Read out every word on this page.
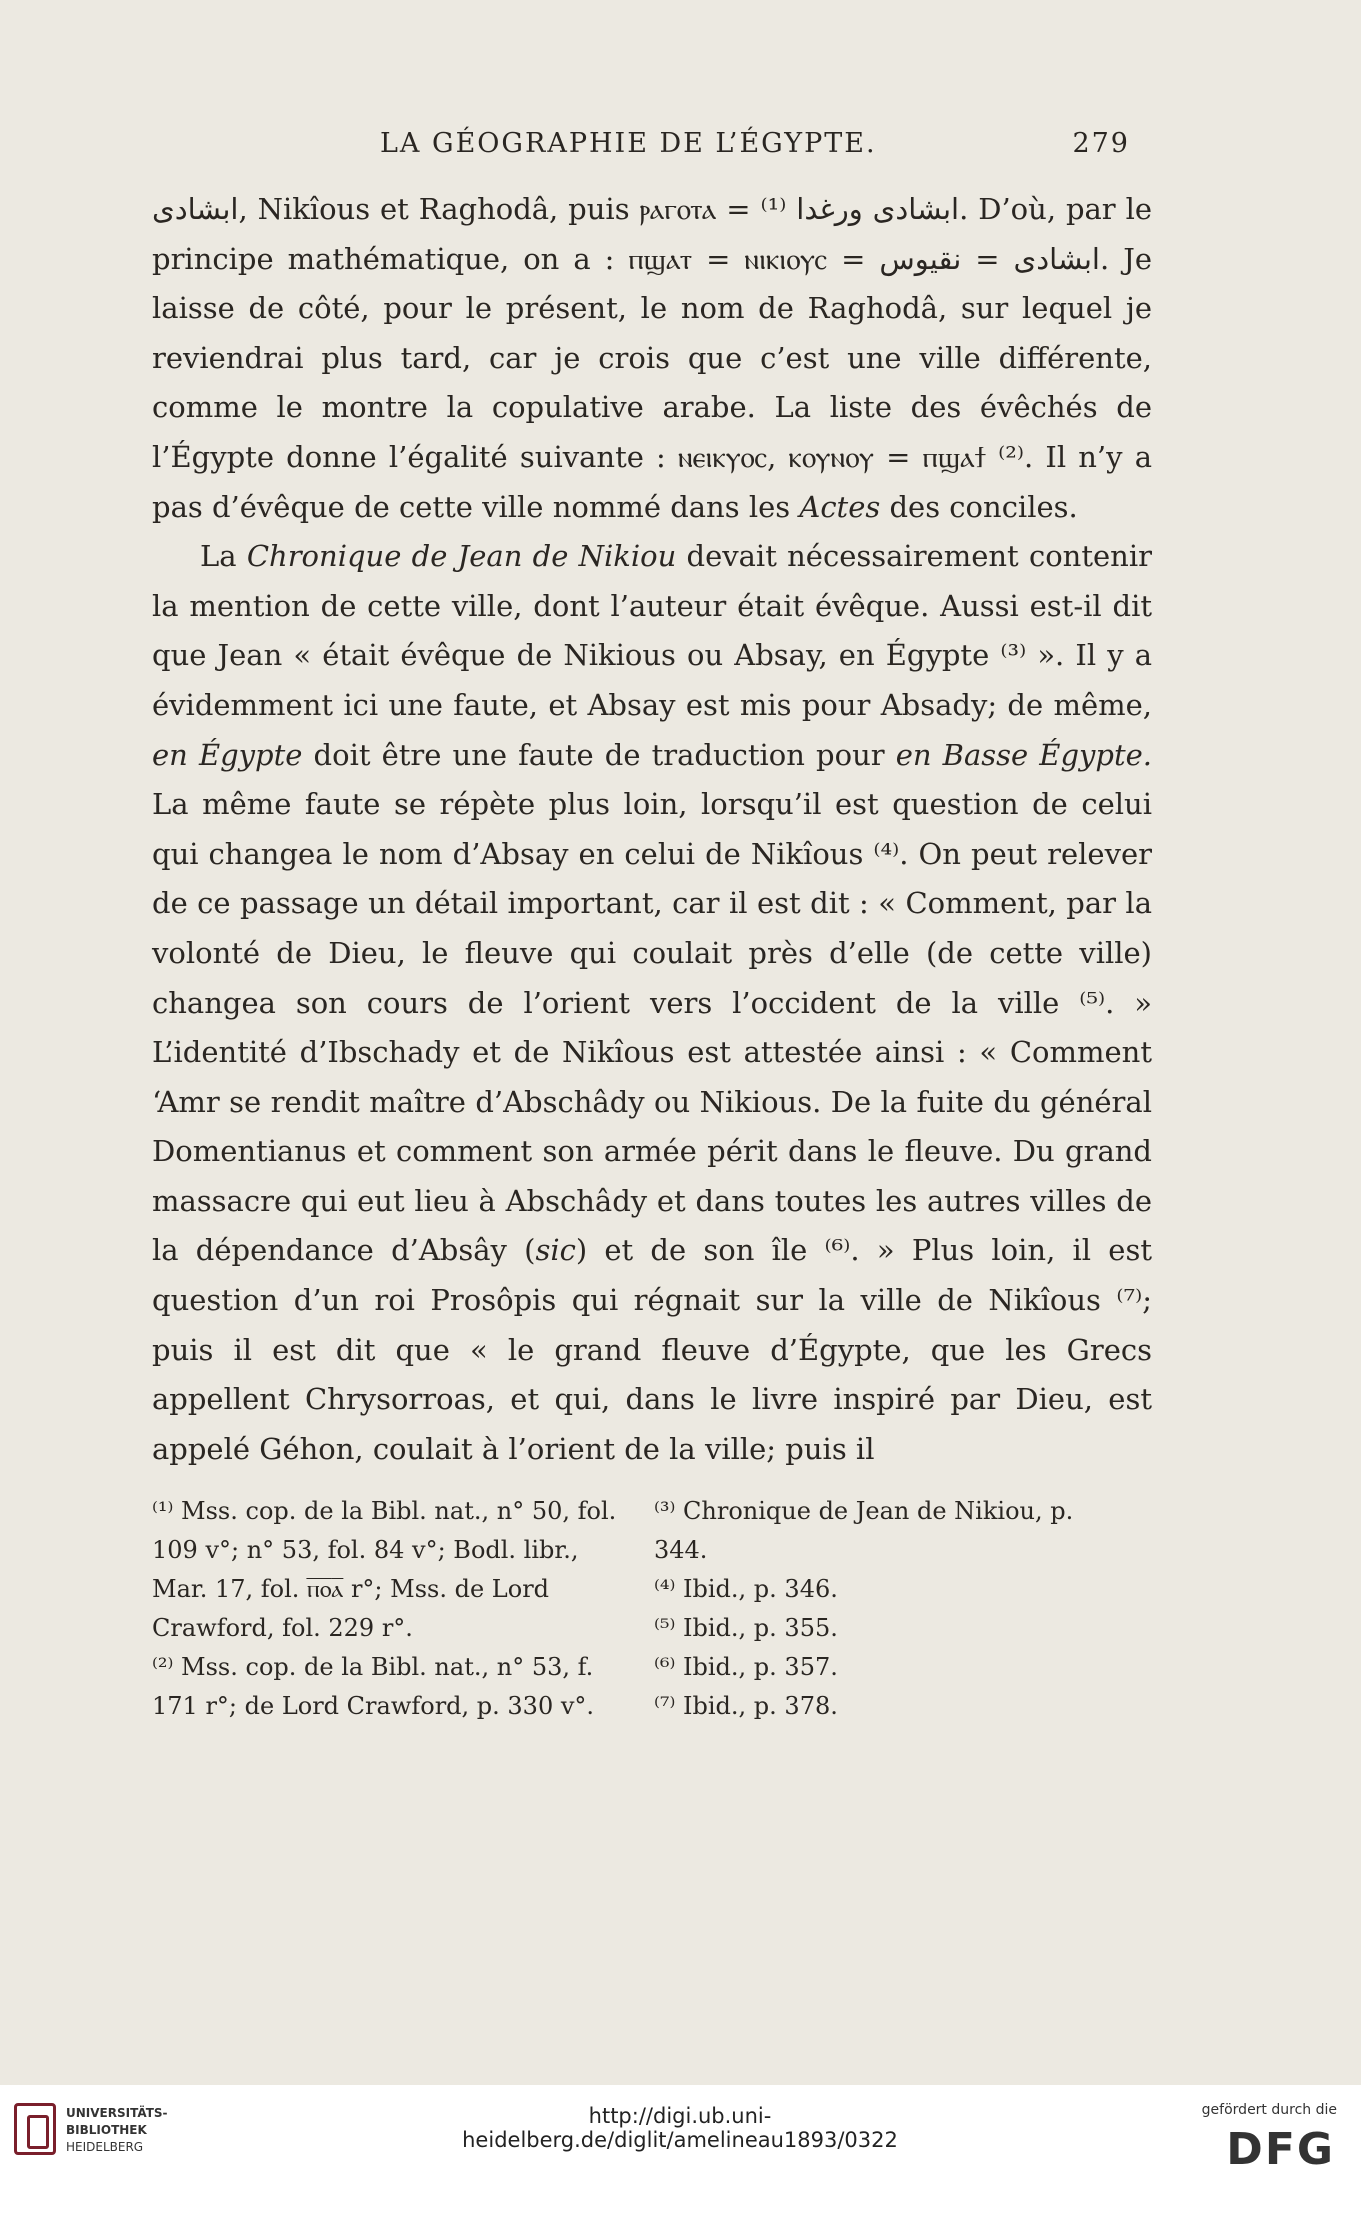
LA GÉOGRAPHIE DE L’ÉGYPTE.	279

ابشادى, Nikîous et Raghodâ, puis ⲣⲁⲅⲟⲧⲁ = ابشادى ورغدا ⁽¹⁾. D’où, par le principe mathématique, on a : ⲡϣⲁⲧ = ⲛⲓⲕⲓⲟⲩⲥ = ابشادى = نقيوس. Je laisse de côté, pour le présent, le nom de Raghodâ, sur lequel je reviendrai plus tard, car je crois que c’est une ville différente, comme le montre la copulative arabe. La liste des évêchés de l’Égypte donne l’égalité suivante : ⲛⲉⲓⲕⲩⲟⲥ, ⲕⲟⲩⲛⲟⲩ = ⲡϣⲁϯ ⁽²⁾. Il n’y a pas d’évêque de cette ville nommé dans les Actes des conciles.

La Chronique de Jean de Nikiou devait nécessairement contenir la mention de cette ville, dont l’auteur était évêque. Aussi est-il dit que Jean « était évêque de Nikious ou Absay, en Égypte ⁽³⁾ ». Il y a évidemment ici une faute, et Absay est mis pour Absady; de même, en Égypte doit être une faute de traduction pour en Basse Égypte. La même faute se répète plus loin, lorsqu’il est question de celui qui changea le nom d’Absay en celui de Nikîous ⁽⁴⁾. On peut relever de ce passage un détail important, car il est dit : « Comment, par la volonté de Dieu, le fleuve qui coulait près d’elle (de cette ville) changea son cours de l’orient vers l’occident de la ville ⁽⁵⁾. » L’identité d’Ibschady et de Nikîous est attestée ainsi : « Comment ‘Amr se rendit maître d’Abschâdy ou Nikious. De la fuite du général Domentianus et comment son armée périt dans le fleuve. Du grand massacre qui eut lieu à Abschâdy et dans toutes les autres villes de la dépendance d’Absây (sic) et de son île ⁽⁶⁾. » Plus loin, il est question d’un roi Prosôpis qui régnait sur la ville de Nikîous ⁽⁷⁾; puis il est dit que « le grand fleuve d’Égypte, que les Grecs appellent Chrysorroas, et qui, dans le livre inspiré par Dieu, est appelé Géhon, coulait à l’orient de la ville; puis il

⁽¹⁾ Mss. cop. de la Bibl. nat., n° 50, fol. 109 v°; n° 53, fol. 84 v°; Bodl. libr., Mar. 17, fol. ⲡ̅ⲟ̅ⲁ̅ r°; Mss. de Lord Crawford, fol. 229 r°.

⁽²⁾ Mss. cop. de la Bibl. nat., n° 53, f. 171 r°; de Lord Crawford, p. 330 v°.

⁽³⁾ Chronique de Jean de Nikiou, p. 344.

⁽⁴⁾ Ibid., p. 346.

⁽⁵⁾ Ibid., p. 355.

⁽⁶⁾ Ibid., p. 357.

⁽⁷⁾ Ibid., p. 378.

UNIVERSITÄTS-
BIBLIOTHEK
HEIDELBERG
http://digi.ub.uni-heidelberg.de/diglit/amelineau1893/0322
gefördert durch die
DFG
